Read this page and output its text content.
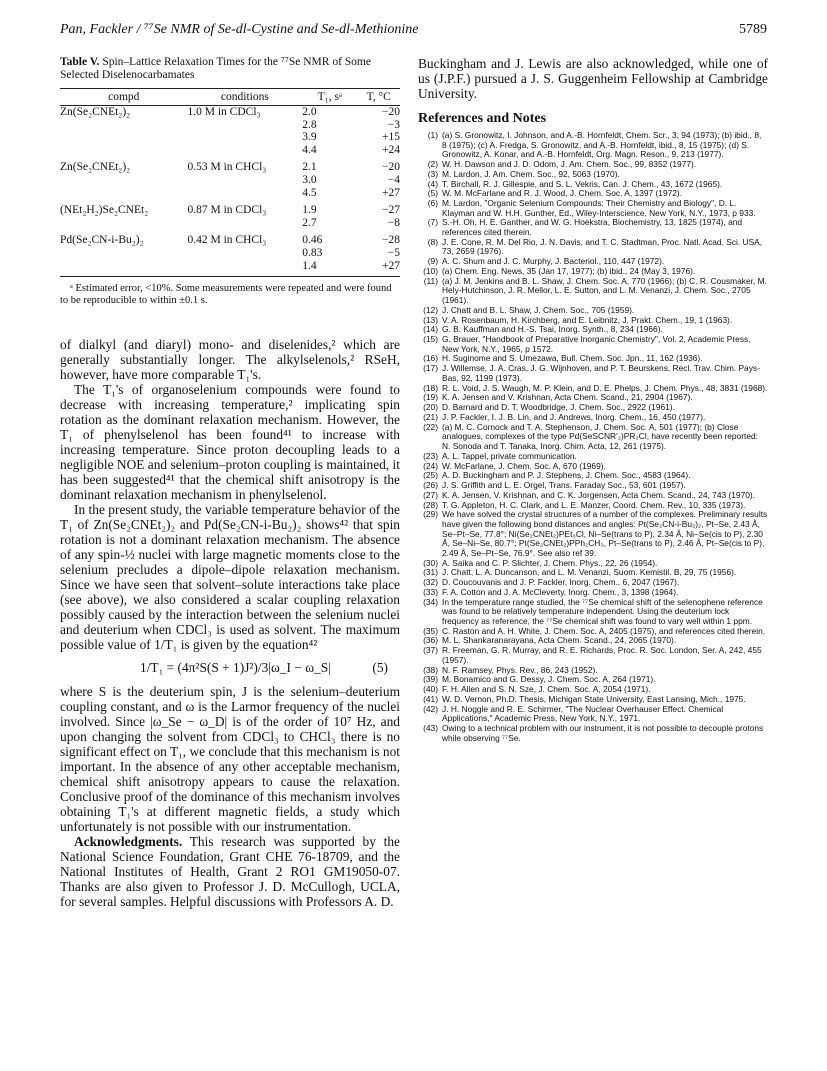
Pan, Fackler / ⁷⁷Se NMR of Se-dl-Cystine and Se-dl-Methionine	5789

Table V. Spin–Lattice Relaxation Times for the ⁷⁷Se NMR of Some Selected Diselenocarbamates

compd	conditions	T₁, sᵃ	T, °C
Zn(Se₂CNEt₂)₂	1.0 M in CDCl₃	2.0	−20
		2.8	−3
		3.9	+15
		4.4	+24
Zn(Se₂CNEt₂)₂	0.53 M in CHCl₃	2.1	−20
		3.0	−4
		4.5	+27
(NEt₂H₂)Se₂CNEt₂	0.87 M in CDCl₃	1.9	−27
		2.7	−8
Pd(Se₂CN-i-Bu₂)₂	0.42 M in CHCl₃	0.46	−28
		0.83	−5
		1.4	+27
ᵃ Estimated error, <10%. Some measurements were repeated and were found to be reproducible to within ±0.1 s.

of dialkyl (and diaryl) mono- and diselenides,² which are generally substantially longer. The alkylselenols,² RSeH, however, have more comparable T₁'s.

The T₁'s of organoselenium compounds were found to decrease with increasing temperature,² implicating spin rotation as the dominant relaxation mechanism. However, the T₁ of phenylselenol has been found⁴¹ to increase with increasing temperature. Since proton decoupling leads to a negligible NOE and selenium–proton coupling is maintained, it has been suggested⁴¹ that the chemical shift anisotropy is the dominant relaxation mechanism in phenylselenol.

In the present study, the variable temperature behavior of the T₁ of Zn(Se₂CNEt₂)₂ and Pd(Se₂CN-i-Bu₂)₂ shows⁴² that spin rotation is not a dominant relaxation mechanism. The absence of any spin-½ nuclei with large magnetic moments close to the selenium precludes a dipole–dipole relaxation mechanism. Since we have seen that solvent–solute interactions take place (see above), we also considered a scalar coupling relaxation possibly caused by the interaction between the selenium nuclei and deuterium when CDCl₃ is used as solvent. The maximum possible value of 1/T₁ is given by the equation⁴²

1/T₁ = (4π²S(S + 1)J²)/3|ω_I − ω_S|	(5)

where S is the deuterium spin, J is the selenium–deuterium coupling constant, and ω is the Larmor frequency of the nuclei involved. Since |ω_Se − ω_D| is of the order of 10⁷ Hz, and upon changing the solvent from CDCl₃ to CHCl₃ there is no significant effect on T₁, we conclude that this mechanism is not important. In the absence of any other acceptable mechanism, chemical shift anisotropy appears to cause the relaxation. Conclusive proof of the dominance of this mechanism involves obtaining T₁'s at different magnetic fields, a study which unfortunately is not possible with our instrumentation.

Acknowledgments. This research was supported by the National Science Foundation, Grant CHE 76-18709, and the National Institutes of Health, Grant 2 RO1 GM19050-07. Thanks are also given to Professor J. D. McCullogh, UCLA, for several samples. Helpful discussions with Professors A. D.

Buckingham and J. Lewis are also acknowledged, while one of us (J.P.F.) pursued a J. S. Guggenheim Fellowship at Cambridge University.

References and Notes
(1) (a) S. Gronowitz, I. Johnson, and A.-B. Hornfeldt, Chem. Scr., 3, 94 (1973); (b) ibid., 8, 8 (1975); (c) A. Fredga, S. Gronowitz, and A.-B. Hornfeldt, ibid., 8, 15 (1975); (d) S. Gronowitz, A. Konar, and A.-B. Hornfeldt, Org. Magn. Reson., 9, 213 (1977).
(2) W. H. Dawson and J. D. Odom, J. Am. Chem. Soc., 99, 8352 (1977).
(3) M. Lardon, J. Am. Chem. Soc., 92, 5063 (1970).
(4) T. Birchall, R. J. Gillespie, and S. L. Vekris, Can. J. Chem., 43, 1672 (1965).
(5) W. M. McFarlane and R. J. Wood, J. Chem. Soc. A, 1397 (1972).
(6) M. Lardon, "Organic Selenium Compounds: Their Chemistry and Biology", D. L. Klayman and W. H.H. Gunther, Ed., Wiley-Interscience, New York, N.Y., 1973, p 933.
(7) S.-H. Oh, H. E. Ganther, and W. G. Hoekstra, Biochemistry, 13, 1825 (1974), and references cited therein.
(8) J. E. Cone, R. M. Del Rio, J. N. Davis, and T. C. Stadtman, Proc. Natl. Acad. Sci. USA, 73, 2659 (1976).
(9) A. C. Shum and J. C. Murphy, J. Bacteriol., 110, 447 (1972).
(10) (a) Chem. Eng. News, 35 (Jan 17, 1977); (b) ibid., 24 (May 3, 1976).
(11) (a) J. M. Jenkins and B. L. Shaw, J. Chem. Soc. A, 770 (1966); (b) C. R. Cousmaker, M. Hely-Hutchinson, J. R. Mellor, L. E. Sutton, and L. M. Venanzi, J. Chem. Soc., 2705 (1961).
(12) J. Chatt and B. L. Shaw, J. Chem. Soc., 705 (1959).
(13) V. A. Rosenbaum, H. Kirchberg, and E. Leibnitz, J. Prakt. Chem., 19, 1 (1963).
(14) G. B. Kauffman and H.-S. Tsai, Inorg. Synth., 8, 234 (1966).
(15) G. Brauer, "Handbook of Preparative Inorganic Chemistry", Vol. 2, Academic Press, New York, N.Y., 1965, p 1572.
(16) H. Suginome and S. Umezawa, Bull. Chem. Soc. Jpn., 11, 162 (1936).
(17) J. Willemse, J. A. Cras, J. G. Wijnhoven, and P. T. Beurskens, Recl. Trav. Chim. Pays-Bas, 92, 1199 (1973).
(18) R. L. Void, J. S. Waugh, M. P. Klein, and D. E. Phelps, J. Chem. Phys., 48, 3831 (1968).
(19) K. A. Jensen and V. Krishnan, Acta Chem. Scand., 21, 2904 (1967).
(20) D. Barnard and D. T. Woodbridge, J. Chem. Soc., 2922 (1961).
(21) J. P. Fackler, I. J. B. Lin, and J. Andrews, Inorg. Chem., 16, 450 (1977).
(22) (a) M. C. Cornock and T. A. Stephenson, J. Chem. Soc. A, 501 (1977); (b) Close analogues, complexes of the type Pd(SeSCNR'₂)PR₃Cl, have recently been reported: N. Sonoda and T. Tanaka, Inorg. Chim. Acta, 12, 261 (1975).
(23) A. L. Tappel, private communication.
(24) W. McFarlane, J. Chem. Soc. A, 670 (1969).
(25) A. D. Buckingham and P. J. Stephens, J. Chem. Soc., 4583 (1964).
(26) J. S. Griffith and L. E. Orgel, Trans. Faraday Soc., 53, 601 (1957).
(27) K. A. Jensen, V. Krishnan, and C. K. Jorgensen, Acta Chem. Scand., 24, 743 (1970).
(28) T. G. Appleton, H. C. Clark, and L. E. Manzer, Coord. Chem. Rev., 10, 335 (1973).
(29) We have solved the crystal structures of a number of the complexes. Preliminary results have given the following bond distances and angles: Pt(Se₂CN-i-Bu₂)₂, Pt–Se, 2.43 Å, Se–Pt–Se, 77.8°; Ni(Se₂CNEt₂)PEt₃Cl, Ni–Se(trans to P), 2.34 Å, Ni–Se(cis to P), 2.30 Å, Se–Ni–Se, 80.7°; Pt(Se₂CNEt₂)PPh₂CH₃, Pt–Se(trans to P), 2.46 Å, Pt–Se(cis to P), 2.49 Å, Se–Pt–Se, 76.9°. See also ref 39.
(30) A. Saika and C. P. Slichter, J. Chem. Phys., 22, 26 (1954).
(31) J. Chatt, L. A. Duncanson, and L. M. Venanzi, Suom. Kemistil. B, 29, 75 (1956).
(32) D. Coucouvanis and J. P. Fackler, Inorg. Chem., 6, 2047 (1967).
(33) F. A. Cotton and J. A. McCleverty, Inorg. Chem., 3, 1398 (1964).
(34) In the temperature range studied, the ⁷⁷Se chemical shift of the selenophene reference was found to be relatively temperature independent. Using the deuterium lock frequency as reference, the ⁷⁷Se chemical shift was found to vary well within 1 ppm.
(35) C. Raston and A. H. White, J. Chem. Soc. A, 2405 (1975), and references cited therein.
(36) M. L. Shankaranarayana, Acta Chem. Scand., 24, 2065 (1970).
(37) R. Freeman, G. R. Murray, and R. E. Richards, Proc. R. Soc. London, Ser. A, 242, 455 (1957).
(38) N. F. Ramsey, Phys. Rev., 86, 243 (1952).
(39) M. Bonamico and G. Dessy, J. Chem. Soc. A, 264 (1971).
(40) F. H. Allen and S. N. Sze, J. Chem. Soc. A, 2054 (1971).
(41) W. D. Vernon, Ph.D. Thesis, Michigan State University, East Lansing, Mich., 1975.
(42) J. H. Noggle and R. E. Schirmer, "The Nuclear Overhauser Effect. Chemical Applications," Academic Press, New York, N.Y., 1971.
(43) Owing to a technical problem with our instrument, it is not possible to decouple protons while observing ⁷⁷Se.
